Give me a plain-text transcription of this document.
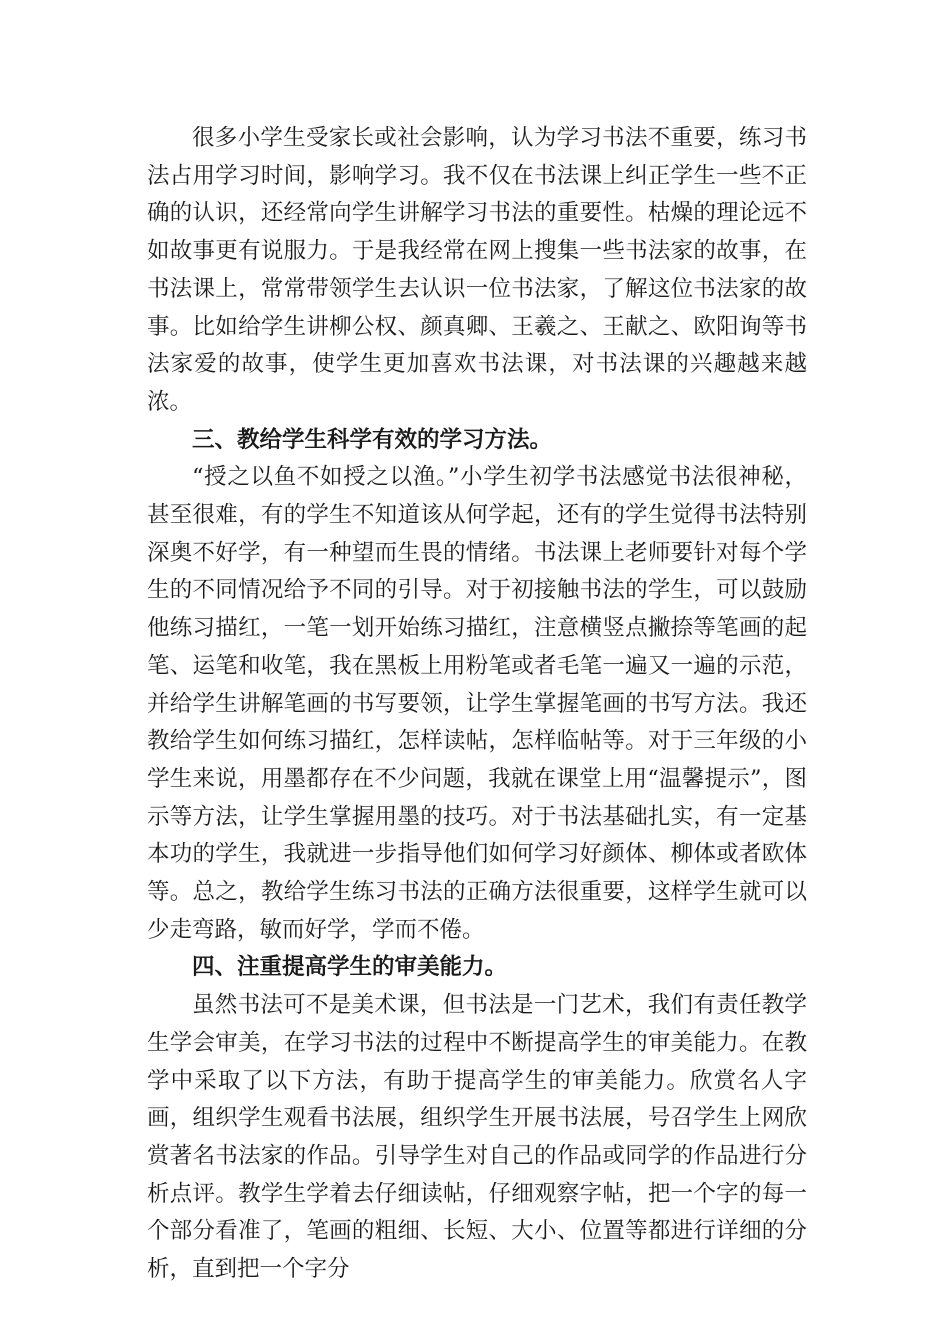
很多小学生受家长或社会影响，认为学习书法不重要，练习书法占用学习时间，影响学习。我不仅在书法课上纠正学生一些不正确的认识，还经常向学生讲解学习书法的重要性。枯燥的理论远不如故事更有说服力。于是我经常在网上搜集一些书法家的故事，在书法课上，常常带领学生去认识一位书法家，了解这位书法家的故事。比如给学生讲柳公权、颜真卿、王羲之、王献之、欧阳询等书法家爱的故事，使学生更加喜欢书法课，对书法课的兴趣越来越浓。

三、教给学生科学有效的学习方法。

“授之以鱼不如授之以渔。”小学生初学书法感觉书法很神秘，甚至很难，有的学生不知道该从何学起，还有的学生觉得书法特别深奥不好学，有一种望而生畏的情绪。书法课上老师要针对每个学生的不同情况给予不同的引导。对于初接触书法的学生，可以鼓励他练习描红，一笔一划开始练习描红，注意横竖点撇捺等笔画的起笔、运笔和收笔，我在黑板上用粉笔或者毛笔一遍又一遍的示范，并给学生讲解笔画的书写要领，让学生掌握笔画的书写方法。我还教给学生如何练习描红，怎样读帖，怎样临帖等。对于三年级的小学生来说，用墨都存在不少问题，我就在课堂上用“温馨提示”，图示等方法，让学生掌握用墨的技巧。对于书法基础扎实，有一定基本功的学生，我就进一步指导他们如何学习好颜体、柳体或者欧体等。总之，教给学生练习书法的正确方法很重要，这样学生就可以少走弯路，敏而好学，学而不倦。

四、注重提高学生的审美能力。

虽然书法可不是美术课，但书法是一门艺术，我们有责任教学生学会审美，在学习书法的过程中不断提高学生的审美能力。在教学中采取了以下方法，有助于提高学生的审美能力。欣赏名人字画，组织学生观看书法展，组织学生开展书法展，号召学生上网欣赏著名书法家的作品。引导学生对自己的作品或同学的作品进行分析点评。教学生学着去仔细读帖，仔细观察字帖，把一个字的每一个部分看准了，笔画的粗细、长短、大小、位置等都进行详细的分析，直到把一个字分
